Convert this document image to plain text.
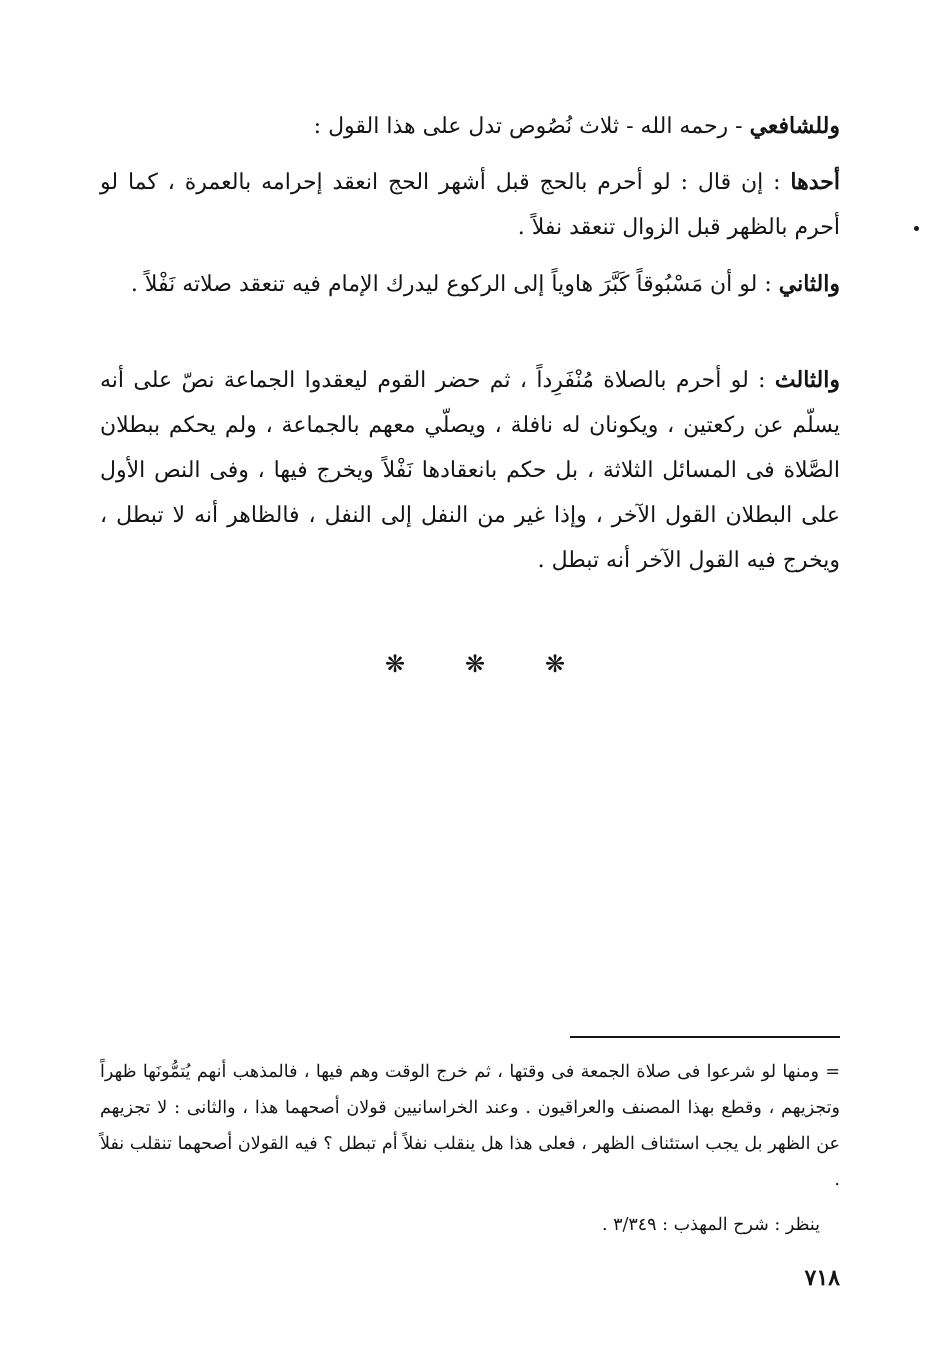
وللشافعي - رحمه الله - ثلاث نُصُوص تدل على هذا القول :
أحدها : إن قال : لو أحرم بالحج قبل أشهر الحج انعقد إحرامه بالعمرة ، كما لو أحرم بالظهر قبل الزوال تنعقد نفلاً .
والثاني : لو أن مَسْبُوقاً كَبَّرَ هاوياً إلى الركوع ليدرك الإمام فيه تنعقد صلاته نَفْلاً .
والثالث : لو أحرم بالصلاة مُنْفَرِداً ، ثم حضر القوم ليعقدوا الجماعة نصّ على أنه يسلّم عن ركعتين ، ويكونان له نافلة ، ويصلّي معهم بالجماعة ، ولم يحكم ببطلان الصَّلاة فى المسائل الثلاثة ، بل حكم بانعقادها نَفْلاً ويخرج فيها ، وفى النص الأول على البطلان القول الآخر ، وإذا غير من النفل إلى النفل ، فالظاهر أنه لا تبطل ، ويخرج فيه القول الآخر أنه تبطل .
❋
❋
❋
= ومنها لو شرعوا فى صلاة الجمعة فى وقتها ، ثم خرج الوقت وهم فيها ، فالمذهب أنهم يُتمُّونَها ظهراً وتجزيهم ، وقطع بهذا المصنف والعراقيون . وعند الخراسانيين قولان أصحهما هذا ، والثانى : لا تجزيهم عن الظهر بل يجب استئناف الظهر ، فعلى هذا هل ينقلب نفلاً أم تبطل ؟ فيه القولان أصحهما تنقلب نفلاً .
ينظر : شرح المهذب : ٣/٣٤٩ .
٧١٨
